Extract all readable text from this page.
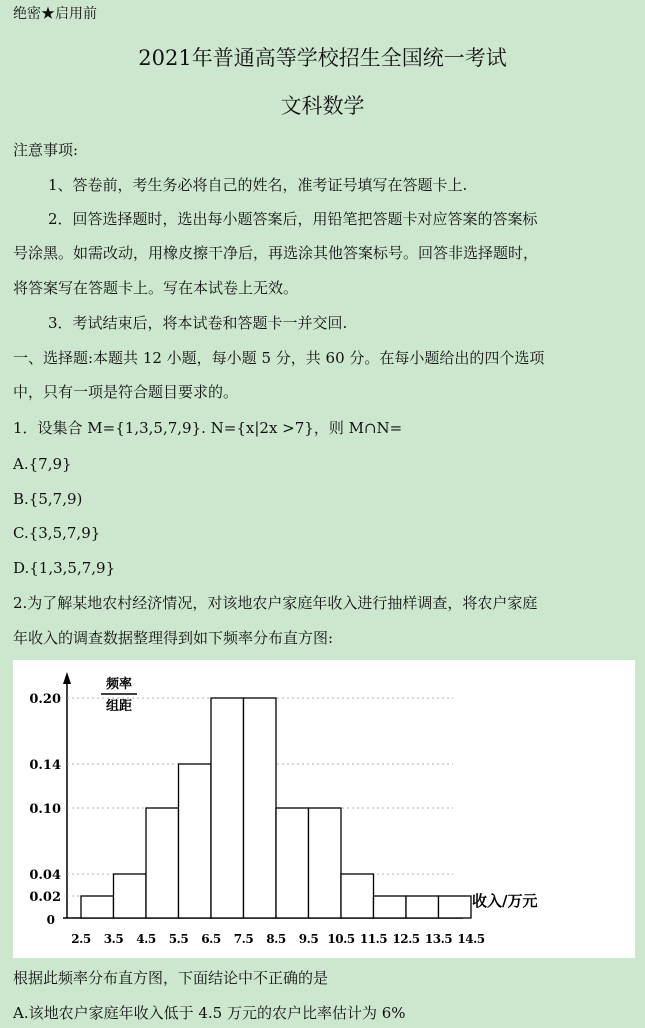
绝密★启用前
2021年普通高等学校招生全国统一考试
文科数学
注意事项:
1、答卷前，考生务必将自己的姓名，准考证号填写在答题卡上.
2．回答选择题时，选出每小题答案后，用铅笔把答题卡对应答案的答案标
号涂黑。如需改动，用橡皮擦干净后，再选涂其他答案标号。回答非选择题时，
将答案写在答题卡上。写在本试卷上无效。
3．考试结束后，将本试卷和答题卡一并交回.
一、选择题:本题共 12 小题，每小题 5 分，共 60 分。在每小题给出的四个选项
中，只有一项是符合题目要求的。
1．设集合 M={1,3,5,7,9}. N={x|2x >7}，则 M∩N=
A.{7,9}
B.{5,7,9)
C.{3,5,7,9}
D.{1,3,5,7,9}
2.为了解某地农村经济情况，对该地农户家庭年收入进行抽样调查，将农户家庭
年收入的调查数据整理得到如下频率分布直方图:
频率
组距
收入/万元
0
0.02
0.04
0.10
0.14
0.20
2.5 3.5 4.5 5.5 6.5 7.5 8.5 9.5 10.5 11.5 12.5 13.5 14.5
根据此频率分布直方图，下面结论中不正确的是
A.该地农户家庭年收入低于 4.5 万元的农户比率估计为 6%
